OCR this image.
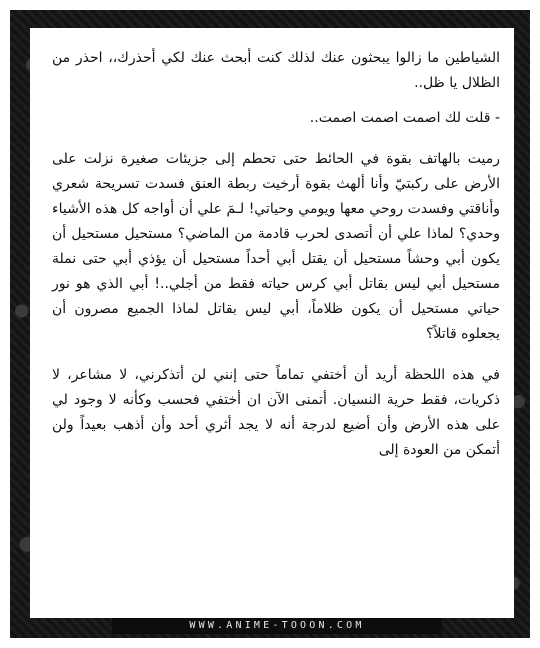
الشياطين ما زالوا يبحثون عنك لذلك كنت أبحث عنك لكي أحذرك،، احذر من الظلال يا ظل..

- قلت لك اصمت اصمت اصمت..

رميت بالهاتف بقوة في الحائط حتى تحطم إلى جزيئات صغيرة نزلت على الأرض على ركبتيّ وأنا ألهث بقوة أرخيت ربطة العنق فسدت تسريحة شعري وأناقتي وفسدت روحي معها ويومي وحياتي! لـمَ علي أن أواجه كل هذه الأشياء وحدي؟ لماذا علي أن أتصدى لحرب قادمة من الماضي؟ مستحيل مستحيل أن يكون أبي وحشاً مستحيل أن يقتل أبي أحداً مستحيل أن يؤذي أبي حتى نملة مستحيل أبي ليس بقاتل أبي كرس حياته فقط من أجلي..! أبي الذي هو نور حياتي مستحيل أن يكون ظلاماً، أبي ليس بقاتل لماذا الجميع مصرون أن يجعلوه قاتلاً؟

في هذه اللحظة أريد أن أختفي تماماً حتى إنني لن أتذكرني، لا مشاعر، لا ذكريات، فقط حرية النسيان. أتمنى الآن ان أختفي فحسب وكأنه لا وجود لي على هذه الأرض وأن أضيع لدرجة أنه لا يجد أثري أحد وأن أذهب بعيداً ولن أتمكن من العودة إلى

WWW.ANIME-TOOON.COM
